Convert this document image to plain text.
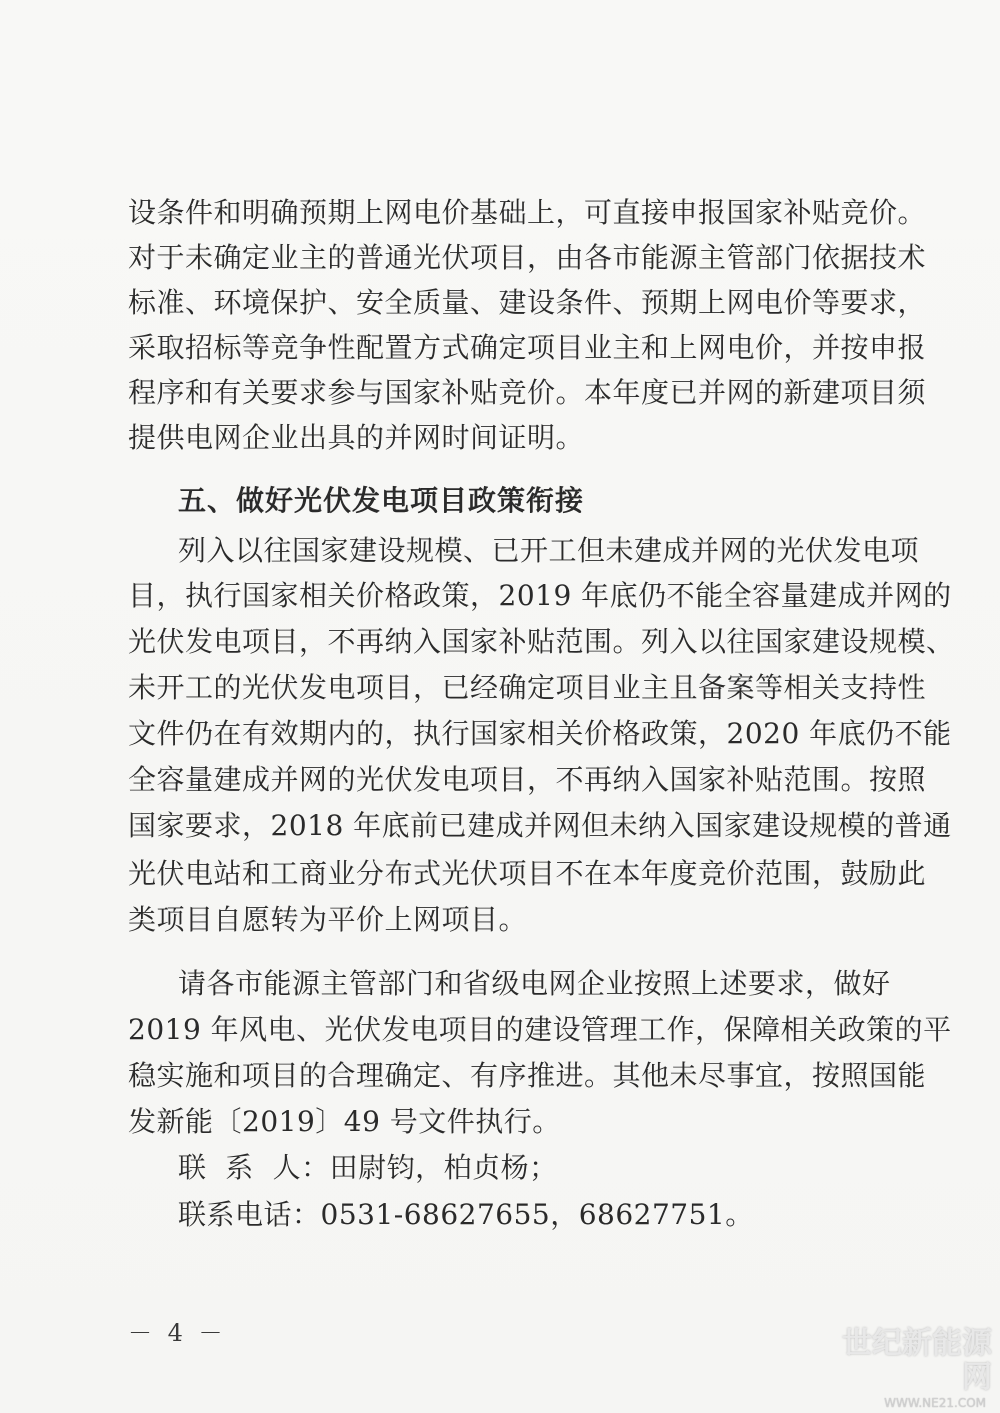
设条件和明确预期上网电价基础上，可直接申报国家补贴竞价。
对于未确定业主的普通光伏项目，由各市能源主管部门依据技术
标准、环境保护、安全质量、建设条件、预期上网电价等要求，
采取招标等竞争性配置方式确定项目业主和上网电价，并按申报
程序和有关要求参与国家补贴竞价。本年度已并网的新建项目须
提供电网企业出具的并网时间证明。
五、做好光伏发电项目政策衔接
列入以往国家建设规模、已开工但未建成并网的光伏发电项
目，执行国家相关价格政策，2019 年底仍不能全容量建成并网的
光伏发电项目，不再纳入国家补贴范围。列入以往国家建设规模、
未开工的光伏发电项目，已经确定项目业主且备案等相关支持性
文件仍在有效期内的，执行国家相关价格政策，2020 年底仍不能
全容量建成并网的光伏发电项目，不再纳入国家补贴范围。按照
国家要求，2018 年底前已建成并网但未纳入国家建设规模的普通
光伏电站和工商业分布式光伏项目不在本年度竞价范围，鼓励此
类项目自愿转为平价上网项目。
请各市能源主管部门和省级电网企业按照上述要求，做好
2019 年风电、光伏发电项目的建设管理工作，保障相关政策的平
稳实施和项目的合理确定、有序推进。其他未尽事宜，按照国能
发新能〔2019〕49 号文件执行。
联  系  人：田尉钧，柏贞杨；
联系电话：0531-68627655，68627751。
－ 4 －	世纪新能源网
WWW.NE21.COM
